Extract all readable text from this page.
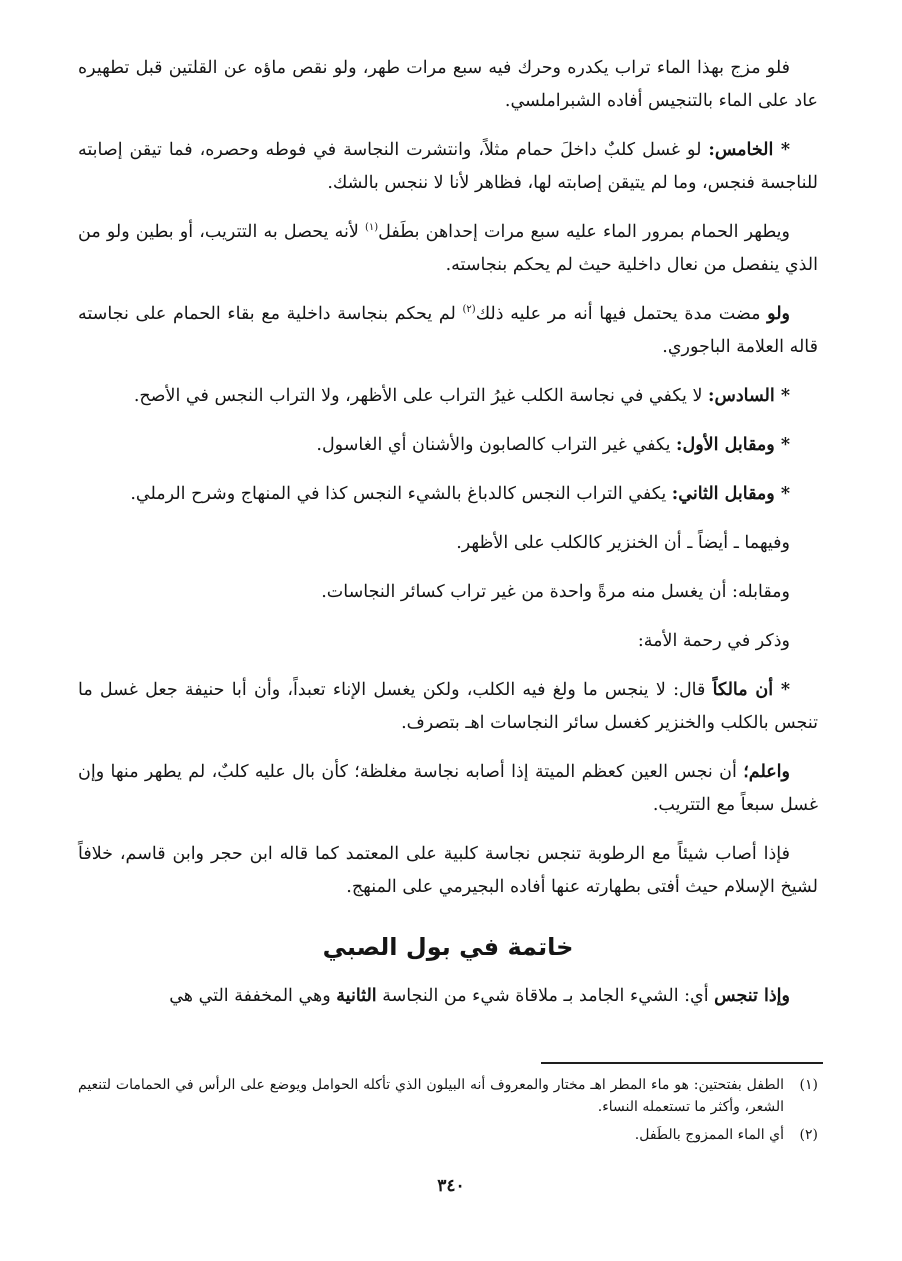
فلو مزج بهذا الماء تراب يكدره وحرك فيه سبع مرات طهر، ولو نقص ماؤه عن القلتين قبل تطهيره عاد على الماء بالتنجيس أفاده الشبراملسي.

* الخامس: لو غسل كلبٌ داخلَ حمام مثلاً، وانتشرت النجاسة في فوطه وحصره، فما تيقن إصابته للناجسة فنجس، وما لم يتيقن إصابته لها، فظاهر لأنا لا ننجس بالشك.

ويطهر الحمام بمرور الماء عليه سبع مرات إحداهن بطَفل$^{(١)}$ لأنه يحصل به التتريب، أو بطين ولو من الذي ينفصل من نعال داخلية حيث لم يحكم بنجاسته.

ولو مضت مدة يحتمل فيها أنه مر عليه ذلك$^{(٢)}$ لم يحكم بنجاسة داخلية مع بقاء الحمام على نجاسته قاله العلامة الباجوري.

* السادس: لا يكفي في نجاسة الكلب غيرُ التراب على الأظهر، ولا التراب النجس في الأصح.

* ومقابل الأول: يكفي غير التراب كالصابون والأشنان أي الغاسول.

* ومقابل الثاني: يكفي التراب النجس كالدباغ بالشيء النجس كذا في المنهاج وشرح الرملي.

وفيهما ـ أيضاً ـ أن الخنزير كالكلب على الأظهر.

ومقابله: أن يغسل منه مرةً واحدة من غير تراب كسائر النجاسات.

وذكر في رحمة الأمة:

* أن مالكاً قال: لا ينجس ما ولغ فيه الكلب، ولكن يغسل الإناء تعبداً، وأن أبا حنيفة جعل غسل ما تنجس بالكلب والخنزير كغسل سائر النجاسات اهـ بتصرف.

واعلم؛ أن نجس العين كعظم الميتة إذا أصابه نجاسة مغلظة؛ كأن بال عليه كلبٌ، لم يطهر منها وإن غسل سبعاً مع التتريب.

فإذا أصاب شيئاً مع الرطوبة تنجس نجاسة كلبية على المعتمد كما قاله ابن حجر وابن قاسم، خلافاً لشيخ الإسلام حيث أفتى بطهارته عنها أفاده البجيرمي على المنهج.

خاتمة في بول الصبي

وإذا تنجس أي: الشيء الجامد بـ ملاقاة شيء من النجاسة الثانية وهي المخففة التي هي

(١)
الطفل بفتحتين: هو ماء المطر اهـ مختار والمعروف أنه البيلون الذي تأكله الحوامل ويوضع على الرأس في الحمامات لتنعيم الشعر، وأكثر ما تستعمله النساء.
(٢)
أي الماء الممزوج بالطَفل.
٣٤٠
